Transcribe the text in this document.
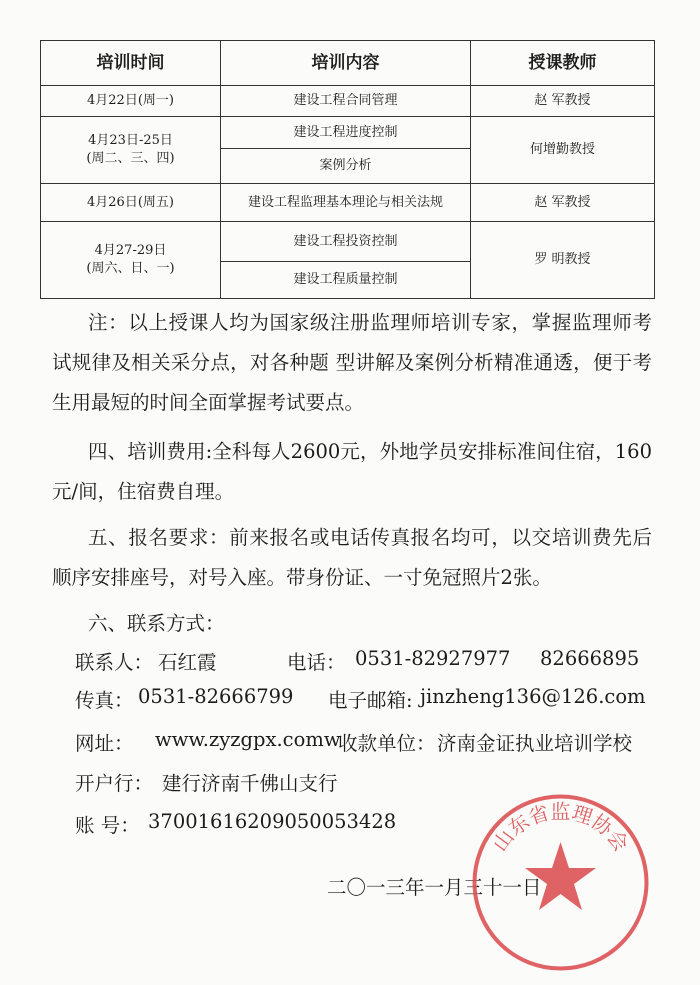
培训时间	培训内容	授课教师
4月22日(周一)	建设工程合同管理	赵 军教授

4月23日-25日
(周二、三、四)	建设工程进度控制	何增勤教授
	案例分析	
4月26日(周五)	建设工程监理基本理论与相关法规	赵 军教授

4月27-29日
(周六、日、一)	建设工程投资控制	罗 明教授
	建设工程质量控制	
注：以上授课人均为国家级注册监理师培训专家，掌握监理师考试规律及相关采分点，对各种题 型讲解及案例分析精准通透，便于考生用最短的时间全面掌握考试要点。
四、培训费用:全科每人2600元，外地学员安排标准间住宿，160元/间，住宿费自理。
五、报名要求：前来报名或电话传真报名均可，以交培训费先后顺序安排座号，对号入座。带身份证、一寸免冠照片2张。
六、联系方式：
联系人： 石红霞	电话： 0531-82927977 82666895
传真： 0531-82666799 电子邮箱: jinzheng136@126.com
网址： www.zyzgpx.comw
收款单位： 济南金证执业培训学校
开户行： 建行济南千佛山支行
账 号： 37001616209050053428
二〇一三年一月三十一日
山东省监理协会
